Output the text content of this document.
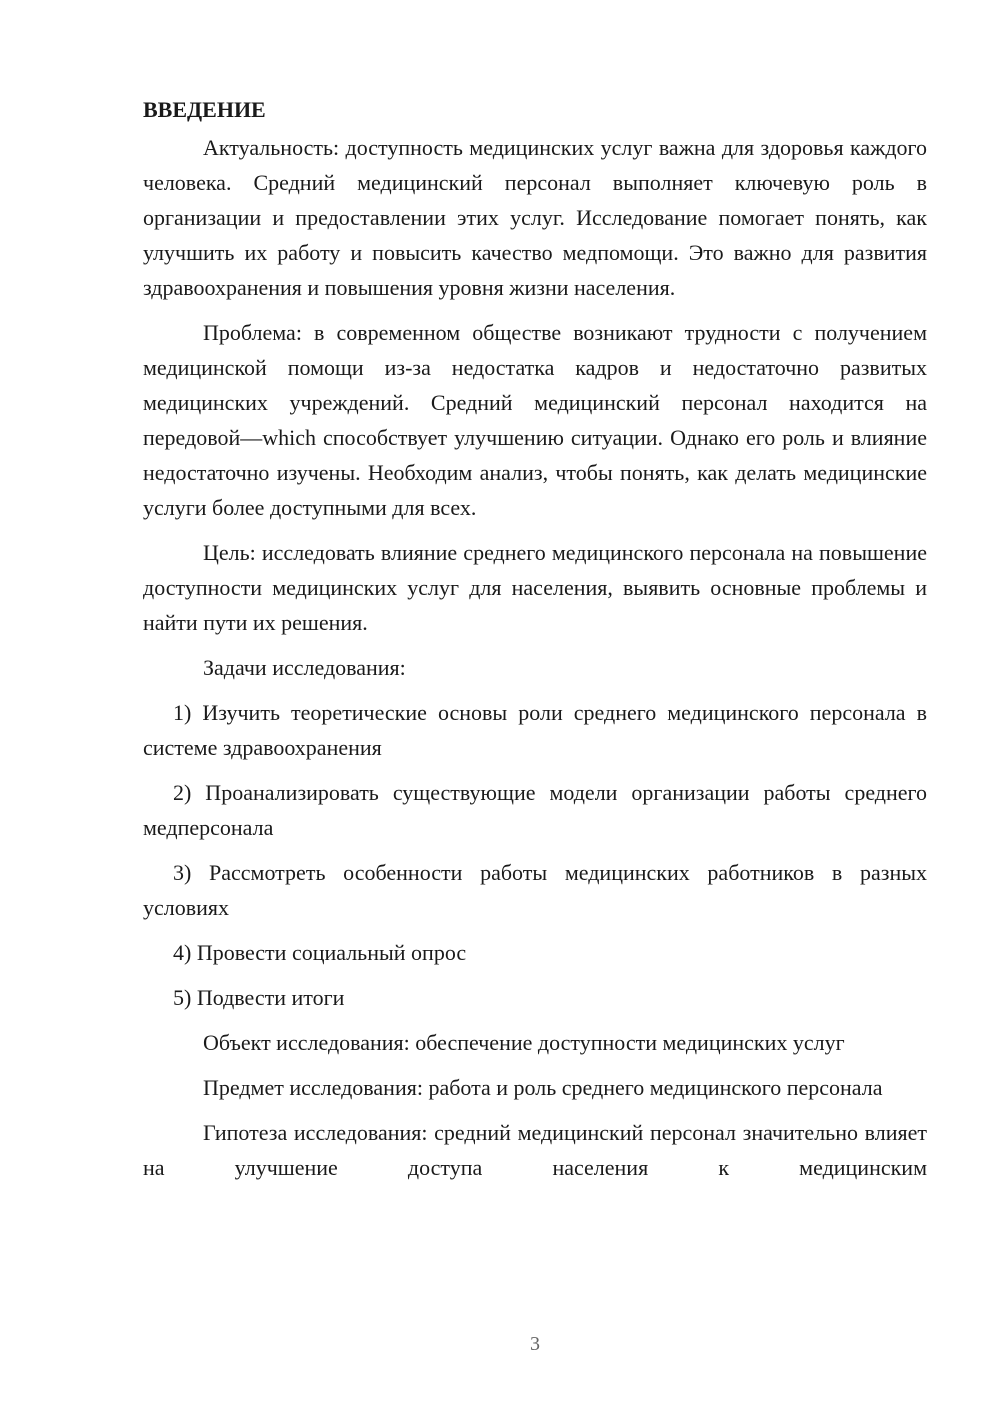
ВВЕДЕНИЕ

Актуальность: доступность медицинских услуг важна для здоровья каждого человека. Средний медицинский персонал выполняет ключевую роль в организации и предоставлении этих услуг. Исследование помогает понять, как улучшить их работу и повысить качество медпомощи. Это важно для развития здравоохранения и повышения уровня жизни населения.

Проблема: в современном обществе возникают трудности с получением медицинской помощи из-за недостатка кадров и недостаточно развитых медицинских учреждений. Средний медицинский персонал находится на передовой—which способствует улучшению ситуации. Однако его роль и влияние недостаточно изучены. Необходим анализ, чтобы понять, как делать медицинские услуги более доступными для всех.

Цель: исследовать влияние среднего медицинского персонала на повышение доступности медицинских услуг для населения, выявить основные проблемы и найти пути их решения.

Задачи исследования:

1) Изучить теоретические основы роли среднего медицинского персонала в системе здравоохранения

2) Проанализировать существующие модели организации работы среднего медперсонала

3) Рассмотреть особенности работы медицинских работников в разных условиях

4) Провести социальный опрос

5) Подвести итоги

Объект исследования: обеспечение доступности медицинских услуг

Предмет исследования: работа и роль среднего медицинского персонала

Гипотеза исследования: средний медицинский персонал значительно влияет на улучшение доступа населения к медицинским

3
